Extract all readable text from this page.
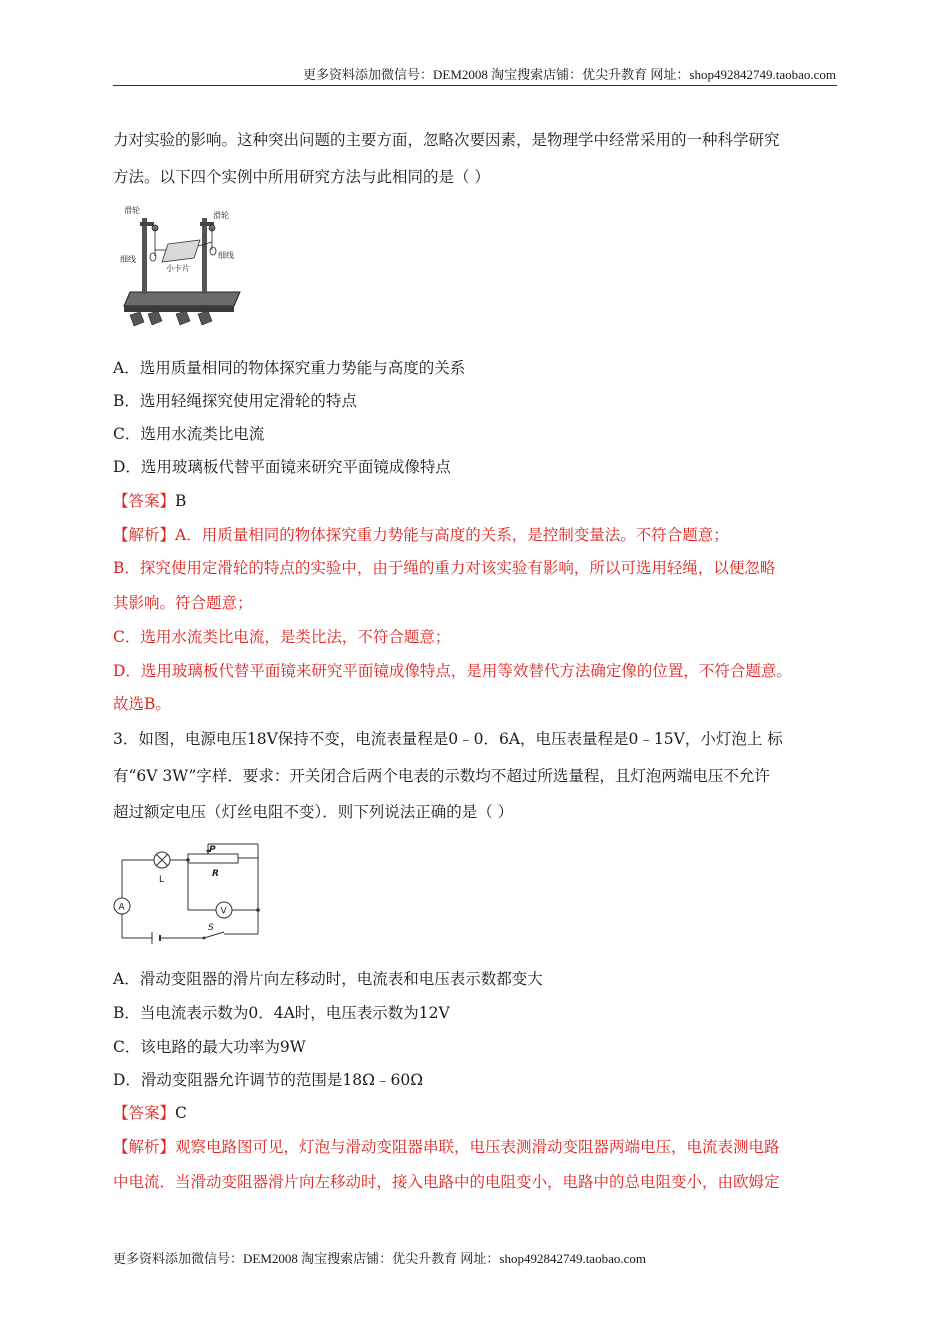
更多资料添加微信号：DEM2008 淘宝搜索店铺：优尖升教育 网址：shop492842749.taobao.com
力对实验的影响。这种突出问题的主要方面，忽略次要因素，是物理学中经常采用的一种科学研究
方法。以下四个实例中所用研究方法与此相同的是（ ）
滑轮
滑轮
细线	细线
小卡片
A．选用质量相同的物体探究重力势能与高度的关系
B．选用轻绳探究使用定滑轮的特点
C．选用水流类比电流
D．选用玻璃板代替平面镜来研究平面镜成像特点
【答案】B
【解析】A．用质量相同的物体探究重力势能与高度的关系，是控制变量法。不符合题意；
B．探究使用定滑轮的特点的实验中，由于绳的重力对该实验有影响，所以可选用轻绳，以便忽略
其影响。符合题意；
C．选用水流类比电流，是类比法，不符合题意；
D．选用玻璃板代替平面镜来研究平面镜成像特点，是用等效替代方法确定像的位置，不符合题意。
故选B。
3．如图，电源电压18V保持不变，电流表量程是0﹣0．6A，电压表量程是0﹣15V，小灯泡上 标
有“6V 3W”字样．要求：开关闭合后两个电表的示数均不超过所选量程，且灯泡两端电压不允许
超过额定电压（灯丝电阻不变）．则下列说法正确的是（ ）
L
P
R
A	V
S
A．滑动变阻器的滑片向左移动时，电流表和电压表示数都变大
B．当电流表示数为0．4A时，电压表示数为12V
C．该电路的最大功率为9W
D．滑动变阻器允许调节的范围是18Ω﹣60Ω
【答案】C
【解析】观察电路图可见，灯泡与滑动变阻器串联，电压表测滑动变阻器两端电压，电流表测电路
中电流．当滑动变阻器滑片向左移动时，接入电路中的电阻变小，电路中的总电阻变小，由欧姆定
更多资料添加微信号：DEM2008 淘宝搜索店铺：优尖升教育 网址：shop492842749.taobao.com
